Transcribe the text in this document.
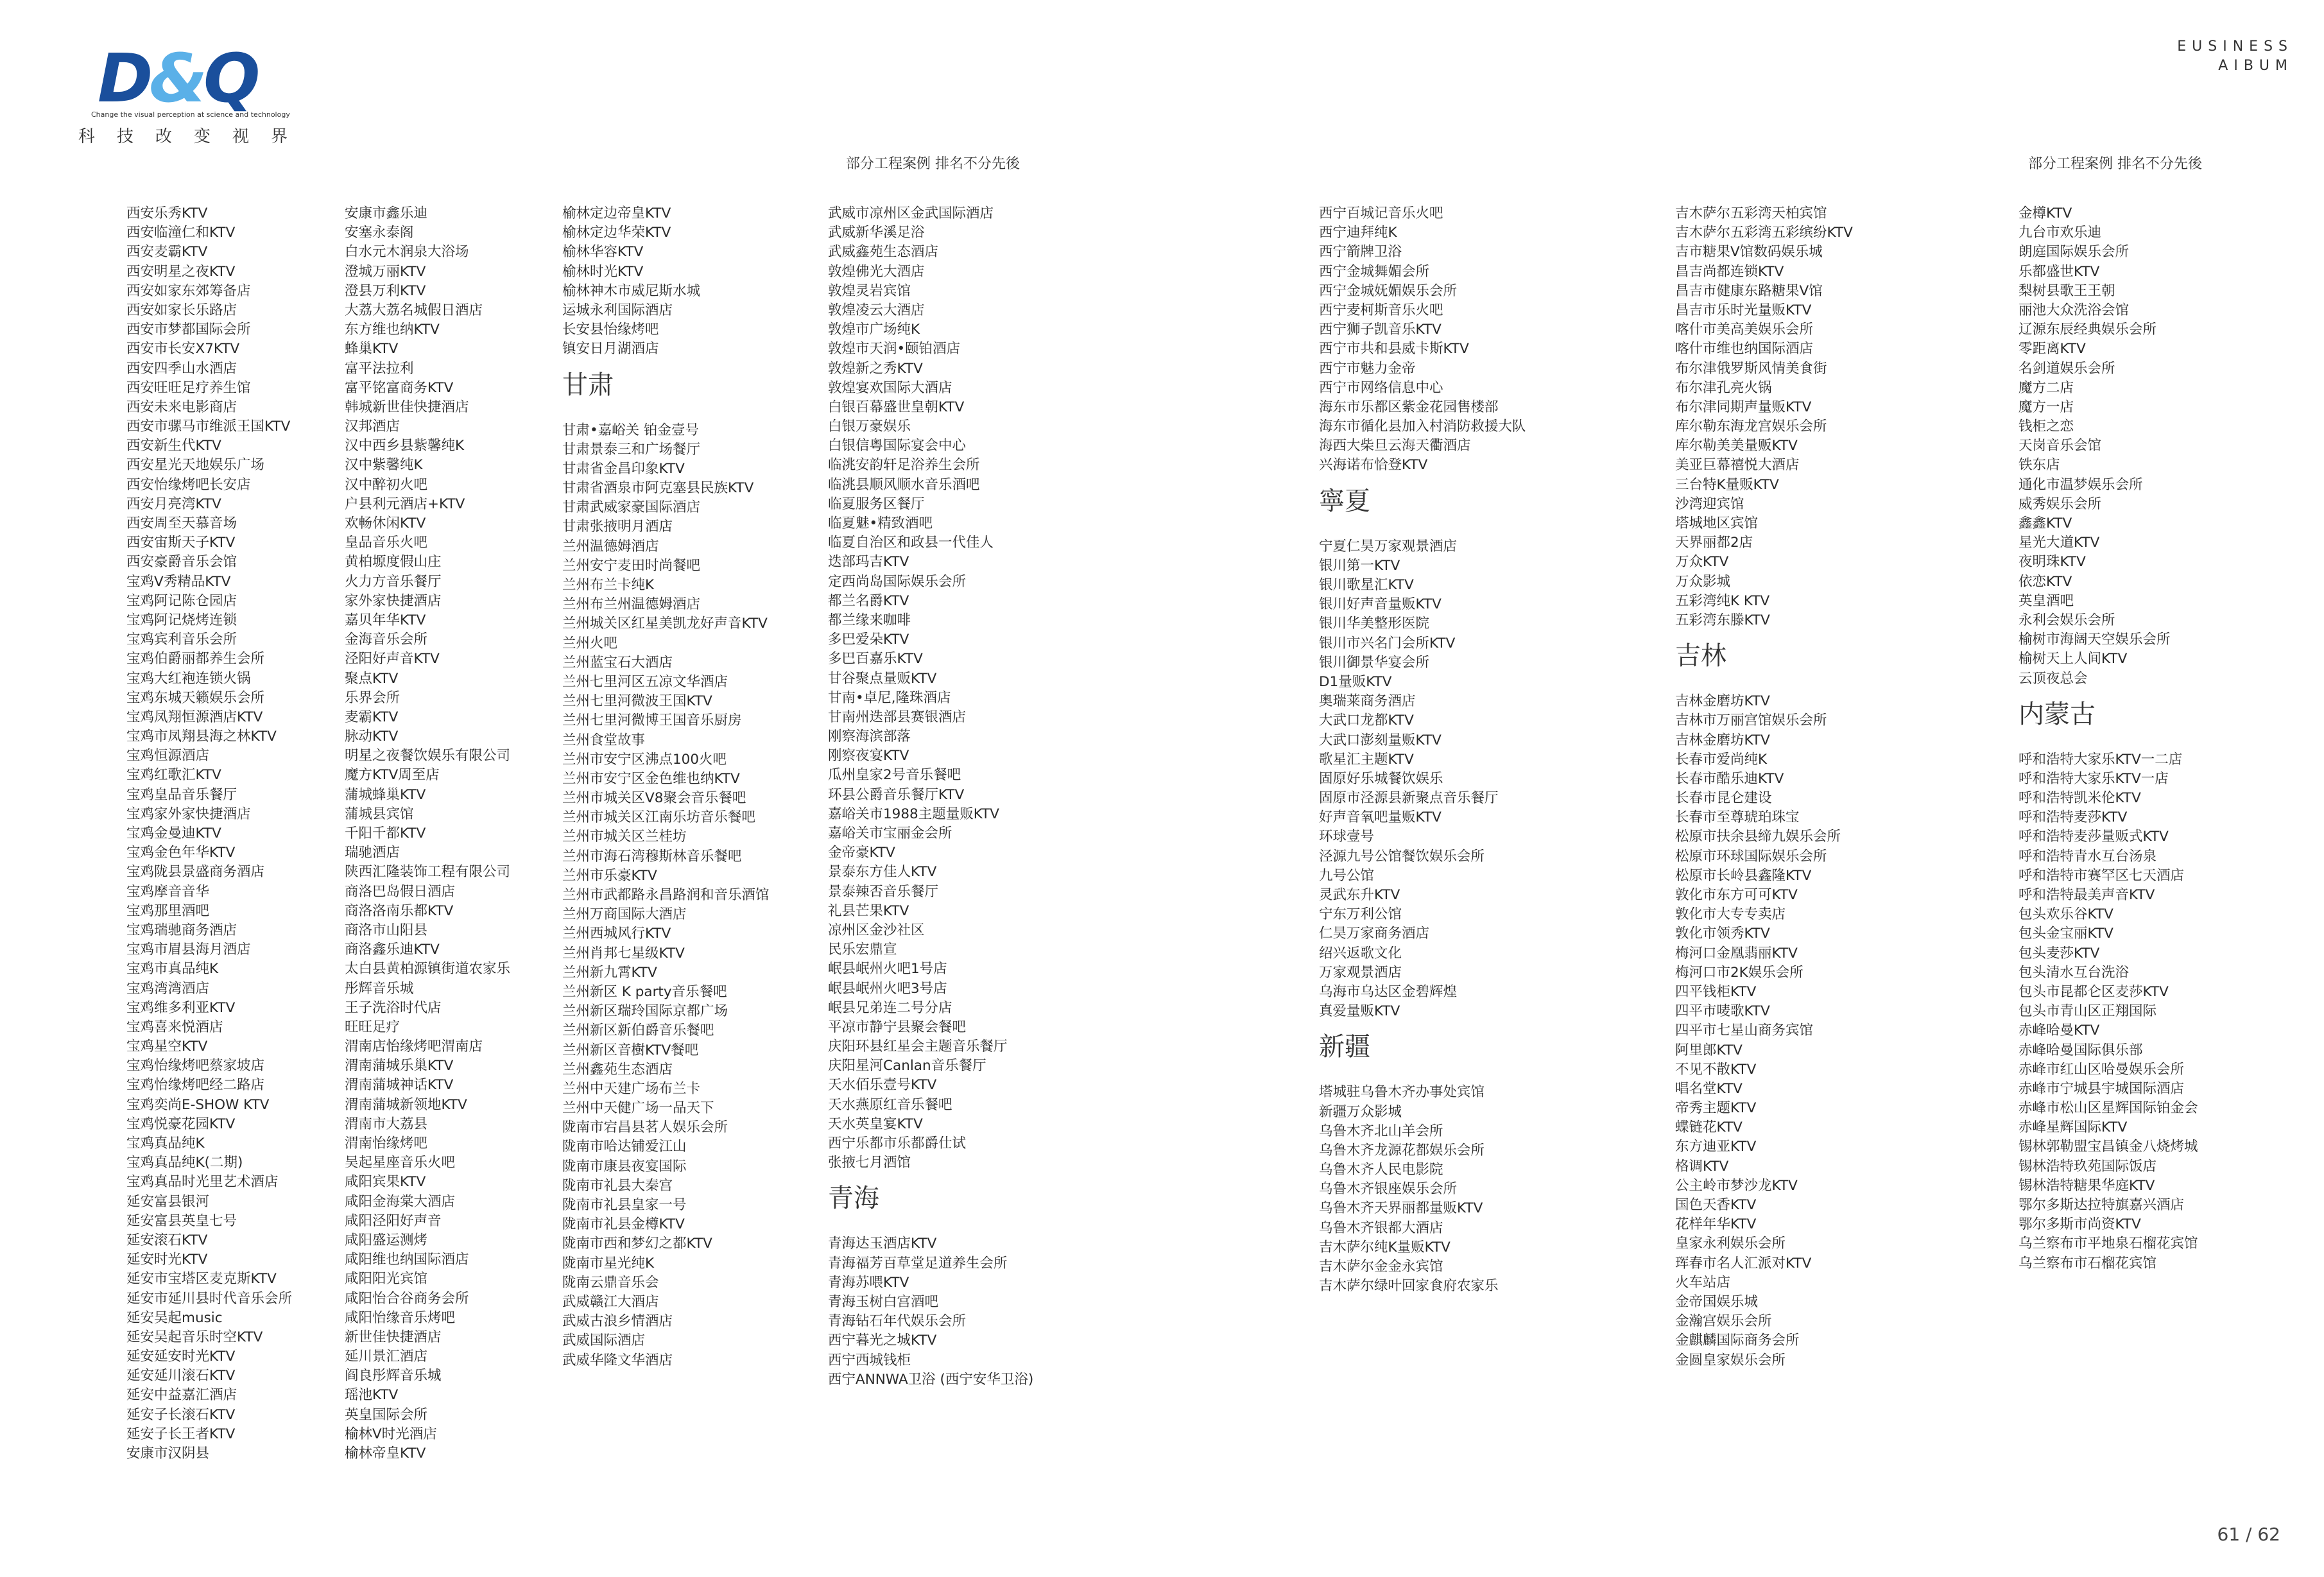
D&Q
Change the visual perception at science and technology
科技改变视界
EUSINESS
AIBUM
部分工程案例 排名不分先後	部分工程案例 排名不分先後
西安乐秀KTV
西安临潼仁和KTV
西安麦霸KTV
西安明星之夜KTV
西安如家东郊筹备店
西安如家长乐路店
西安市梦都国际会所
西安市长安X7KTV
西安四季山水酒店
西安旺旺足疗养生馆
西安未来电影商店
西安市骡马市维派王国KTV
西安新生代KTV
西安星光天地娱乐广场
西安怡缘烤吧长安店
西安月亮湾KTV
西安周至天慕音场
西安宙斯天子KTV
西安豪爵音乐会馆
宝鸡V秀精品KTV
宝鸡阿记陈仓园店
宝鸡阿记烧烤连锁
宝鸡宾利音乐会所
宝鸡伯爵丽都养生会所
宝鸡大红袍连锁火锅
宝鸡东城天籁娱乐会所
宝鸡凤翔恒源酒店KTV
宝鸡市凤翔县海之林KTV
宝鸡恒源酒店
宝鸡红歌汇KTV
宝鸡皇品音乐餐厅
宝鸡家外家快捷酒店
宝鸡金曼迪KTV
宝鸡金色年华KTV
宝鸡陇县景盛商务酒店
宝鸡摩音音华
宝鸡那里酒吧
宝鸡瑞驰商务酒店
宝鸡市眉县海月酒店
宝鸡市真品纯K
宝鸡湾湾酒店
宝鸡维多利亚KTV
宝鸡喜来悦酒店
宝鸡星空KTV
宝鸡怡缘烤吧蔡家坡店
宝鸡怡缘烤吧经二路店
宝鸡奕尚E-SHOW KTV
宝鸡悦豪花园KTV
宝鸡真品纯K
宝鸡真品纯K(二期)
宝鸡真品时光里艺术酒店
延安富县银河
延安富县英皇七号
延安滚石KTV
延安时光KTV
延安市宝塔区麦克斯KTV
延安市延川县时代音乐会所
延安吴起music
延安吴起音乐时空KTV
延安延安时光KTV
延安延川滚石KTV
延安中益嘉汇酒店
延安子长滚石KTV
延安子长王者KTV
安康市汉阴县
安康市鑫乐迪
安塞永泰阁
白水元木润泉大浴场
澄城万丽KTV
澄县万利KTV
大荔大荔名城假日酒店
东方维也纳KTV
蜂巢KTV
富平法拉利
富平铭富商务KTV
韩城新世佳快捷酒店
汉邦酒店
汉中西乡县紫馨纯K
汉中紫馨纯K
汉中醉初火吧
户县利元酒店+KTV
欢畅休闲KTV
皇品音乐火吧
黄柏塬度假山庄
火力方音乐餐厅
家外家快捷酒店
嘉贝年华KTV
金海音乐会所
泾阳好声音KTV
聚点KTV
乐界会所
麦霸KTV
脉动KTV
明星之夜餐饮娱乐有限公司
魔方KTV周至店
蒲城蜂巢KTV
蒲城县宾馆
千阳千都KTV
瑞驰酒店
陕西汇隆装饰工程有限公司
商洛巴岛假日酒店
商洛洛南乐都KTV
商洛市山阳县
商洛鑫乐迪KTV
太白县黄柏源镇街道农家乐
彤辉音乐城
王子洗浴时代店
旺旺足疗
渭南店怡缘烤吧渭南店
渭南蒲城乐巢KTV
渭南蒲城神话KTV
渭南蒲城新领地KTV
渭南市大荔县
渭南怡缘烤吧
吴起星座音乐火吧
咸阳宾果KTV
咸阳金海棠大酒店
咸阳泾阳好声音
咸阳盛运测烤
咸阳维也纳国际酒店
咸阳阳光宾馆
咸阳怡合谷商务会所
咸阳怡缘音乐烤吧
新世佳快捷酒店
延川景汇酒店
阎良彤辉音乐城
瑶池KTV
英皇国际会所
榆林V时光酒店
榆林帝皇KTV
榆林定边帝皇KTV
榆林定边华荣KTV
榆林华容KTV
榆林时光KTV
榆林神木市威尼斯水城
运城永利国际酒店
长安县怡缘烤吧
镇安日月湖酒店
甘肃
甘肃•嘉峪关 铂金壹号
甘肃景泰三和广场餐厅
甘肃省金昌印象KTV
甘肃省酒泉市阿克塞县民族KTV
甘肃武威家豪国际酒店
甘肃张掖明月酒店
兰州温德姆酒店
兰州安宁麦田时尚餐吧
兰州布兰卡纯K
兰州布兰州温德姆酒店
兰州城关区红星美凯龙好声音KTV
兰州火吧
兰州蓝宝石大酒店
兰州七里河区五凉文华酒店
兰州七里河微波王国KTV
兰州七里河微博王国音乐厨房
兰州食堂故事
兰州市安宁区沸点100火吧
兰州市安宁区金色维也纳KTV
兰州市城关区V8聚会音乐餐吧
兰州市城关区江南乐坊音乐餐吧
兰州市城关区兰桂坊
兰州市海石湾穆斯林音乐餐吧
兰州市乐豪KTV
兰州市武都路永昌路润和音乐酒馆
兰州万商国际大酒店
兰州西城风行KTV
兰州肖邦七星级KTV
兰州新九霄KTV
兰州新区 K party音乐餐吧
兰州新区瑞玲国际京都广场
兰州新区新伯爵音乐餐吧
兰州新区音樹KTV餐吧
兰州鑫苑生态酒店
兰州中天建广场布兰卡
兰州中天健广场一品天下
陇南市宕昌县茗人娱乐会所
陇南市哈达铺爱江山
陇南市康县夜宴国际
陇南市礼县大秦宫
陇南市礼县皇家一号
陇南市礼县金樽KTV
陇南市西和梦幻之都KTV
陇南市星光纯K
陇南云鼎音乐会
武威赣江大酒店
武威古浪乡情酒店
武威国际酒店
武威华隆文华酒店
武威市凉州区金武国际酒店
武威新华溪足浴
武威鑫苑生态酒店
敦煌佛光大酒店
敦煌灵岩宾馆
敦煌凌云大酒店
敦煌市广场纯K
敦煌市天润•颐铂酒店
敦煌新之秀KTV
敦煌宴欢国际大酒店
白银百幕盛世皇朝KTV
白银万豪娱乐
白银信粤国际宴会中心
临洮安韵轩足浴养生会所
临洮县顺风顺水音乐酒吧
临夏服务区餐厅
临夏魅•精致酒吧
临夏自治区和政县一代佳人
迭部玛吉KTV
定西尚岛国际娱乐会所
都兰名爵KTV
都兰缘来咖啡
多巴爱朵KTV
多巴百嘉乐KTV
甘谷聚点量贩KTV
甘南•卓尼,隆珠酒店
甘南州迭部县赛银酒店
刚察海滨部落
刚察夜宴KTV
瓜州皇家2号音乐餐吧
环县公爵音乐餐厅KTV
嘉峪关市1988主题量贩KTV
嘉峪关市宝丽金会所
金帝豪KTV
景泰东方佳人KTV
景泰辣否音乐餐厅
礼县芒果KTV
凉州区金沙社区
民乐宏鼎宣
岷县岷州火吧1号店
岷县岷州火吧3号店
岷县兄弟连二号分店
平凉市静宁县聚会餐吧
庆阳环县红星会主题音乐餐厅
庆阳星河Canlan音乐餐厅
天水佰乐壹号KTV
天水燕原红音乐餐吧
天水英皇宴KTV
西宁乐都市乐都爵仕试
张掖七月酒馆
青海
青海达玉酒店KTV
青海福芳百草堂足道养生会所
青海苏喂KTV
青海玉树白宫酒吧
青海钻石年代娱乐会所
西宁暮光之城KTV
西宁西城钱柜
西宁ANNWA卫浴 (西宁安华卫浴)
西宁百城记音乐火吧
西宁迪拜纯K
西宁箭牌卫浴
西宁金城舞媚会所
西宁金城妩媚娱乐会所
西宁麦柯斯音乐火吧
西宁狮子凯音乐KTV
西宁市共和县威卡斯KTV
西宁市魅力金帝
西宁市网络信息中心
海东市乐都区紫金花园售楼部
海东市循化县加入村消防救援大队
海西大柴旦云海天衢酒店
兴海诺布恰登KTV
寧夏
宁夏仁昊万家观景酒店
银川第一KTV
银川歌星汇KTV
银川好声音量贩KTV
银川华美整形医院
银川市兴名门会所KTV
银川御景华宴会所
D1量贩KTV
奥瑞莱商务酒店
大武口龙都KTV
大武口澎刻量贩KTV
歌星汇主题KTV
固原好乐城餐饮娱乐
固原市泾源县新聚点音乐餐厅
好声音氧吧量贩KTV
环球壹号
泾源九号公馆餐饮娱乐会所
九号公馆
灵武东升KTV
宁东万利公馆
仁昊万家商务酒店
绍兴返歌文化
万家观景酒店
乌海市乌达区金碧辉煌
真爱量贩KTV
新疆
塔城驻乌鲁木齐办事处宾馆
新疆万众影城
乌鲁木齐北山羊会所
乌鲁木齐龙源花都娱乐会所
乌鲁木齐人民电影院
乌鲁木齐银座娱乐会所
乌鲁木齐天界丽都量贩KTV
乌鲁木齐银都大酒店
吉木萨尔纯K量贩KTV
吉木萨尔金金永宾馆
吉木萨尔绿叶回家食府农家乐
吉木萨尔五彩湾天柏宾馆
吉木萨尔五彩湾五彩缤纷KTV
吉市糖果V馆数码娱乐城
昌吉尚都连锁KTV
昌吉市健康东路糖果V馆
昌吉市乐时光量贩KTV
喀什市美高美娱乐会所
喀什市维也纳国际酒店
布尔津俄罗斯风情美食街
布尔津孔亮火锅
布尔津同期声量贩KTV
库尔勒东海龙宫娱乐会所
库尔勒美美量贩KTV
美亚巨幕禧悦大酒店
三台特K量贩KTV
沙湾迎宾馆
塔城地区宾馆
天界丽都2店
万众KTV
万众影城
五彩湾纯K KTV
五彩湾东滕KTV
吉林
吉林金磨坊KTV
吉林市万丽宫馆娱乐会所
吉林金磨坊KTV
长春市爱尚纯K
长春市酷乐迪KTV
长春市昆仑建设
长春市至尊琥珀珠宝
松原市扶余县缔九娱乐会所
松原市环球国际娱乐会所
松原市长岭县鑫隆KTV
敦化市东方可可KTV
敦化市大专专卖店
敦化市领秀KTV
梅河口金凰翡丽KTV
梅河口市2K娱乐会所
四平钱柜KTV
四平市唛歌KTV
四平市七星山商务宾馆
阿里郎KTV
不见不散KTV
唱名堂KTV
帝秀主题KTV
蝶链花KTV
东方迪亚KTV
格调KTV
公主岭市梦沙龙KTV
国色天香KTV
花样年华KTV
皇家永利娱乐会所
珲春市名人汇派对KTV
火车站店
金帝国娱乐城
金瀚宫娱乐会所
金麒麟国际商务会所
金圆皇家娱乐会所
金樽KTV
九台市欢乐迪
朗庭国际娱乐会所
乐都盛世KTV
梨树县歌王王朝
丽池大众洗浴会馆
辽源东辰经典娱乐会所
零距离KTV
名剑道娱乐会所
魔方二店
魔方一店
钱柜之恋
天岗音乐会馆
铁东店
通化市温梦娱乐会所
威秀娱乐会所
鑫鑫KTV
星光大道KTV
夜明珠KTV
依恋KTV
英皇酒吧
永利会娱乐会所
榆树市海阔天空娱乐会所
榆树天上人间KTV
云顶夜总会
内蒙古
呼和浩特大家乐KTV一二店
呼和浩特大家乐KTV一店
呼和浩特凯米伦KTV
呼和浩特麦莎KTV
呼和浩特麦莎量贩式KTV
呼和浩特青水互台汤泉
呼和浩特市赛罕区七天酒店
呼和浩特最美声音KTV
包头欢乐谷KTV
包头金宝丽KTV
包头麦莎KTV
包头清水互台洗浴
包头市昆都仑区麦莎KTV
包头市青山区正翔国际
赤峰哈曼KTV
赤峰哈曼国际俱乐部
赤峰市红山区哈曼娱乐会所
赤峰市宁城县宇城国际酒店
赤峰市松山区星辉国际铂金会
赤峰星辉国际KTV
锡林郭勒盟宝昌镇金八烧烤城
锡林浩特玖苑国际饭店
锡林浩特糖果华庭KTV
鄂尔多斯达拉特旗嘉兴酒店
鄂尔多斯市尚资KTV
乌兰察布市平地泉石榴花宾馆
乌兰察布市石榴花宾馆
61 / 62
